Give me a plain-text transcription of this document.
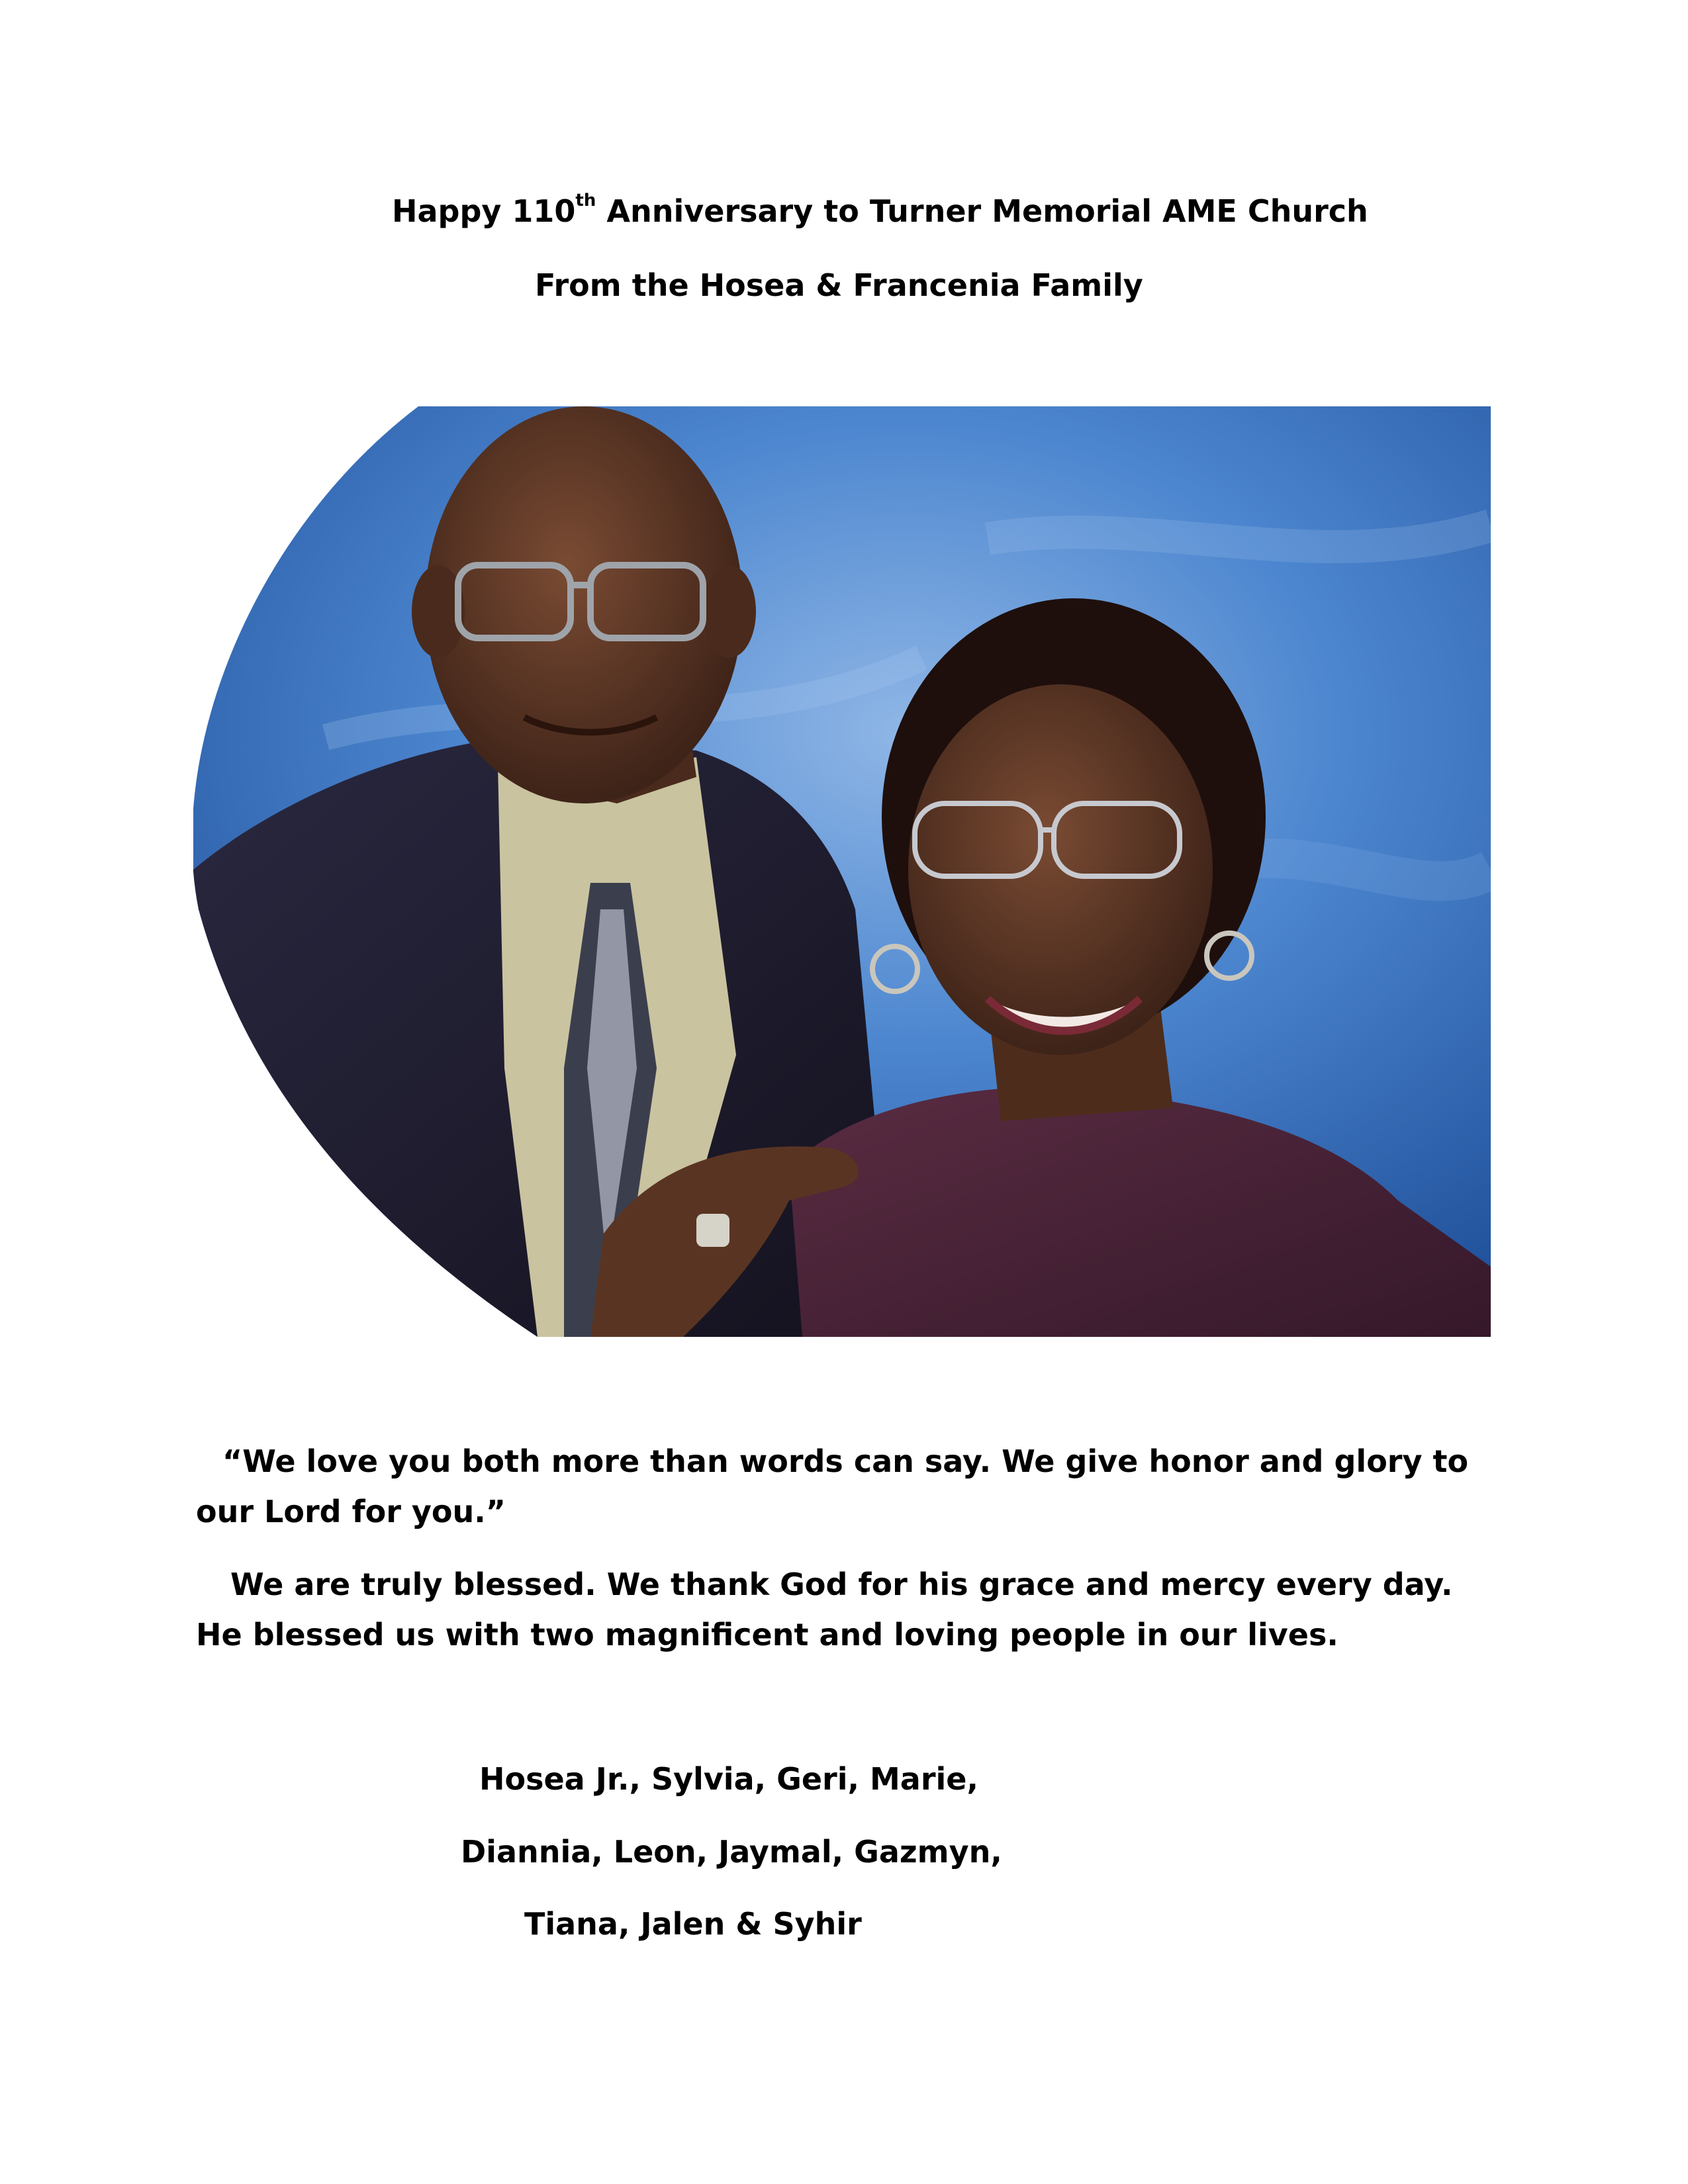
Happy 110th Anniversary to Turner Memorial AME Church
From the Hosea & Francenia Family
“We love you both more than words can say. We give honor and glory to our Lord for you.”
We are truly blessed. We thank God for his grace and mercy every day. He blessed us with two magnificent and loving people in our lives.
Hosea Jr., Sylvia, Geri, Marie,
Diannia, Leon, Jaymal, Gazmyn,
Tiana, Jalen & Syhir
